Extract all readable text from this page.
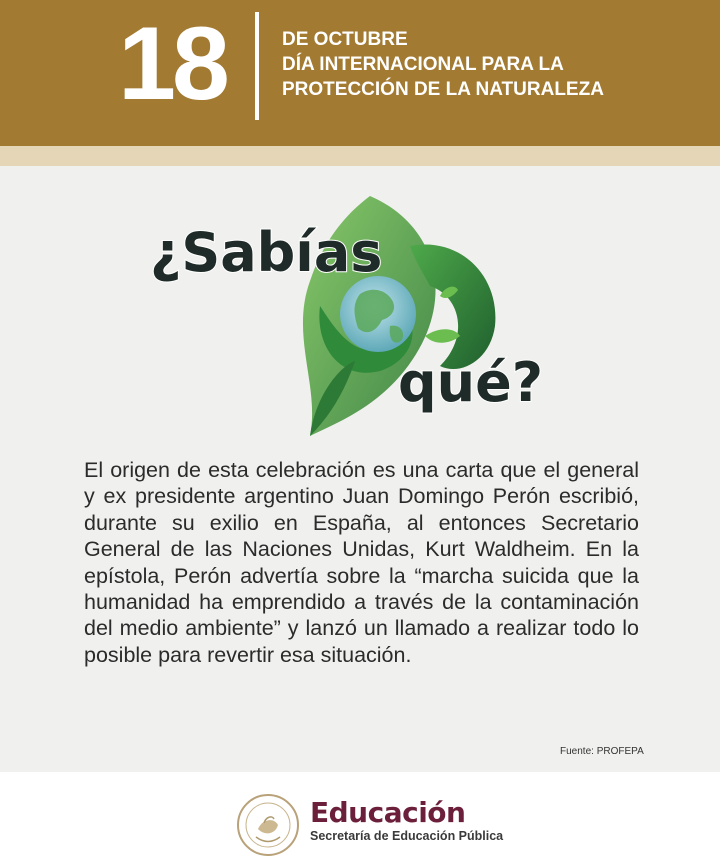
18	DE OCTUBRE
DÍA INTERNACIONAL PARA LA
PROTECCIÓN DE LA NATURALEZA
¿Sabías
qué?
El origen de esta celebración es una carta que el general y ex presidente argentino Juan Domingo Perón escribió, durante su exilio en España, al entonces Secretario General de las Naciones Unidas, Kurt Waldheim. En la epístola, Perón advertía sobre la “marcha suicida que la humanidad ha emprendido a través de la contaminación del medio ambiente” y lanzó un llamado a realizar todo lo posible para revertir esa situación.
Fuente: PROFEPA
Educación
Secretaría de Educación Pública
